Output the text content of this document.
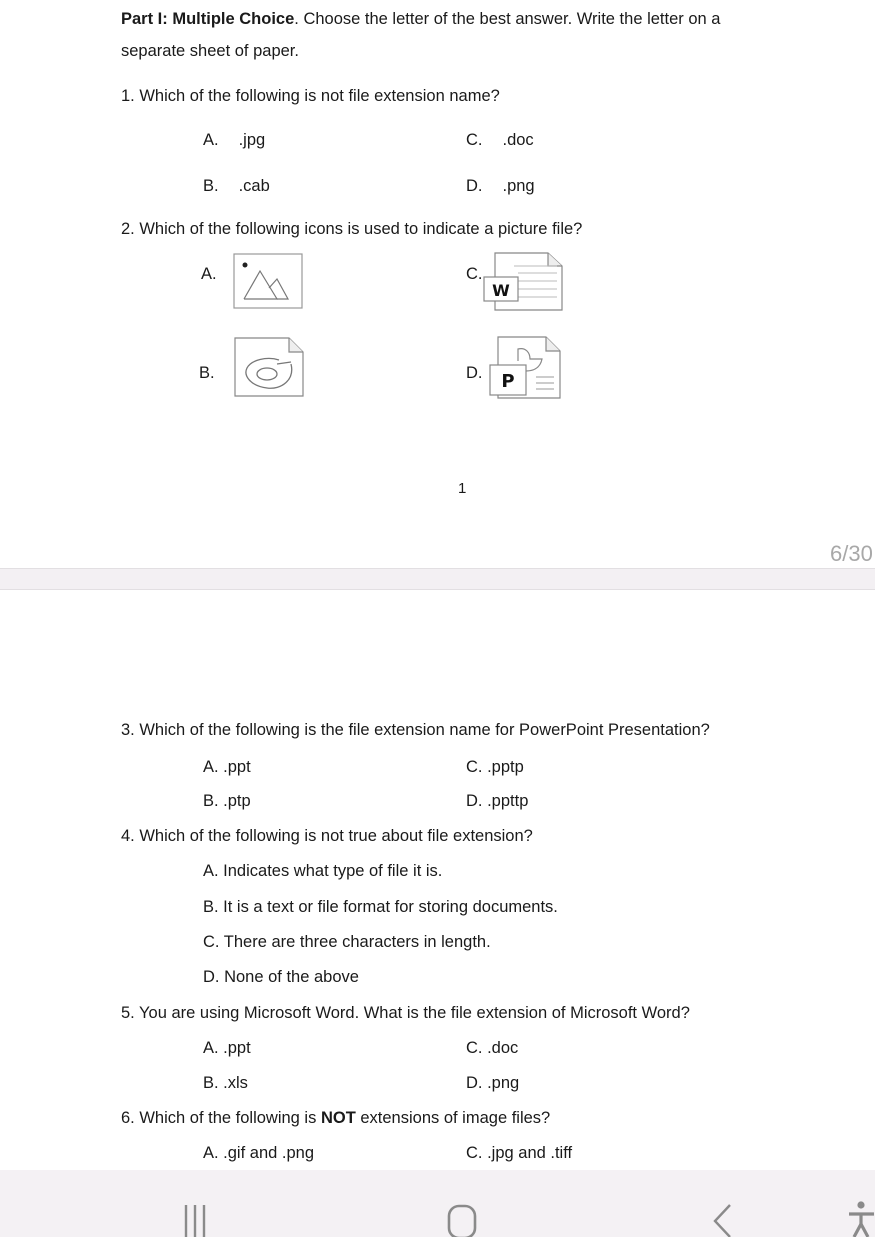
Part I: Multiple Choice. Choose the letter of the best answer. Write the letter on a
separate sheet of paper.
1. Which of the following is not file extension name?
A. .jpg
B. .cab
C. .doc
D. .png
2. Which of the following icons is used to indicate a picture file?
A.
B.
C.
W
D. P
1
6/30
3. Which of the following is the file extension name for PowerPoint Presentation?
A. .ppt
B. .ptp
C. .pptp
D. .ppttp
4. Which of the following is not true about file extension?
A. Indicates what type of file it is.
B. It is a text or file format for storing documents.
C. There are three characters in length.
D. None of the above
5. You are using Microsoft Word. What is the file extension of Microsoft Word?
A. .ppt
B. .xls
C. .doc
D. .png
6. Which of the following is NOT extensions of image files?
A. .gif and .png	C. .jpg and .tiff
